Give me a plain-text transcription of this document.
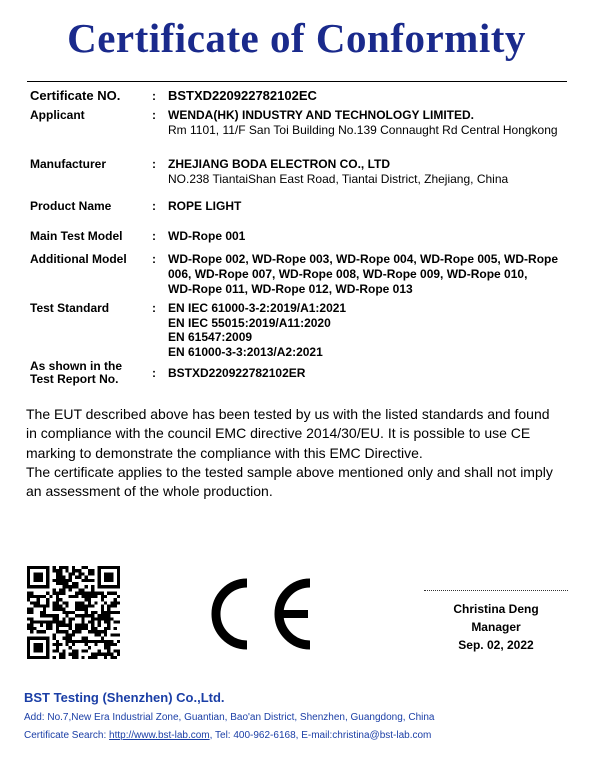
Certificate of Conformity
Certificate NO.	: BSTXD220922782102EC
Applicant	: WENDA(HK) INDUSTRY AND TECHNOLOGY LIMITED.
Rm 1101, 11/F San Toi Building No.139 Connaught Rd Central Hongkong
Manufacturer	: ZHEJIANG BODA ELECTRON CO., LTD
NO.238 TiantaiShan East Road, Tiantai District, Zhejiang, China
Product Name	: ROPE LIGHT
Main Test Model : WD-Rope 001
Additional Model : WD-Rope 002, WD-Rope 003, WD-Rope 004, WD-Rope 005, WD-Rope
006, WD-Rope 007, WD-Rope 008, WD-Rope 009, WD-Rope 010,
WD-Rope 011, WD-Rope 012, WD-Rope 013
Test Standard	: EN IEC 61000-3-2:2019/A1:2021
EN IEC 55015:2019/A11:2020
EN 61547:2009
EN 61000-3-3:2013/A2:2021
As shown in the
Test Report No.	: BSTXD220922782102ER
The EUT described above has been tested by us with the listed standards and found
in compliance with the council EMC directive 2014/30/EU. It is possible to use CE
marking to demonstrate the compliance with this EMC Directive.
The certificate applies to the tested sample above mentioned only and shall not imply
an assessment of the whole production.
Christina Deng
Manager
Sep. 02, 2022
BST Testing (Shenzhen) Co.,Ltd.
Add: No.7,New Era Industrial Zone, Guantian, Bao'an District, Shenzhen, Guangdong, China
Certificate Search: http://www.bst-lab.com, Tel: 400-962-6168, E-mail:christina@bst-lab.com
